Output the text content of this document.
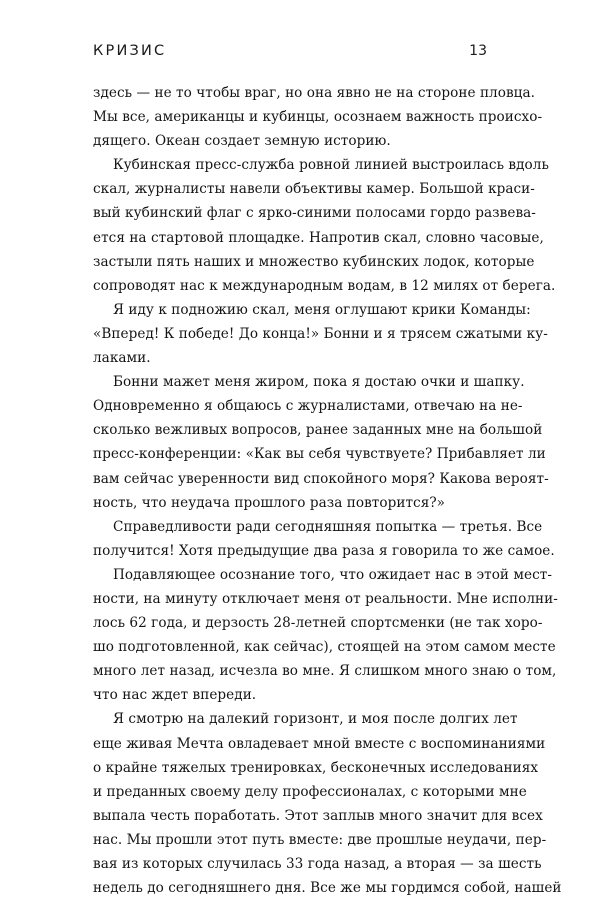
КРИЗИС	13
здесь — не то чтобы враг, но она явно не на стороне пловца.
Мы все, американцы и кубинцы, осознаем важность происхо-
дящего. Океан создает земную историю.
Кубинская пресс-служба ровной линией выстроилась вдоль
скал, журналисты навели объективы камер. Большой краси-
вый кубинский флаг с ярко-синими полосами гордо развева-
ется на стартовой площадке. Напротив скал, словно часовые,
застыли пять наших и множество кубинских лодок, которые
сопроводят нас к международным водам, в 12 милях от берега.
Я иду к подножию скал, меня оглушают крики Команды:
«Вперед! К победе! До конца!» Бонни и я трясем сжатыми ку-
лаками.
Бонни мажет меня жиром, пока я достаю очки и шапку.
Одновременно я общаюсь с журналистами, отвечаю на не-
сколько вежливых вопросов, ранее заданных мне на большой
пресс-конференции: «Как вы себя чувствуете? Прибавляет ли
вам сейчас уверенности вид спокойного моря? Какова вероят-
ность, что неудача прошлого раза повторится?»
Справедливости ради сегодняшняя попытка — третья. Все
получится! Хотя предыдущие два раза я говорила то же самое.
Подавляющее осознание того, что ожидает нас в этой мест-
ности, на минуту отключает меня от реальности. Мне исполни-
лось 62 года, и дерзость 28-летней спортсменки (не так хоро-
шо подготовленной, как сейчас), стоящей на этом самом месте
много лет назад, исчезла во мне. Я слишком много знаю о том,
что нас ждет впереди.
Я смотрю на далекий горизонт, и моя после долгих лет
еще живая Мечта овладевает мной вместе с воспоминаниями
о крайне тяжелых тренировках, бесконечных исследованиях
и преданных своему делу профессионалах, с которыми мне
выпала честь поработать. Этот заплыв много значит для всех
нас. Мы прошли этот путь вместе: две прошлые неудачи, пер-
вая из которых случилась 33 года назад, а вторая — за шесть
недель до сегодняшнего дня. Все же мы гордимся собой, нашей
